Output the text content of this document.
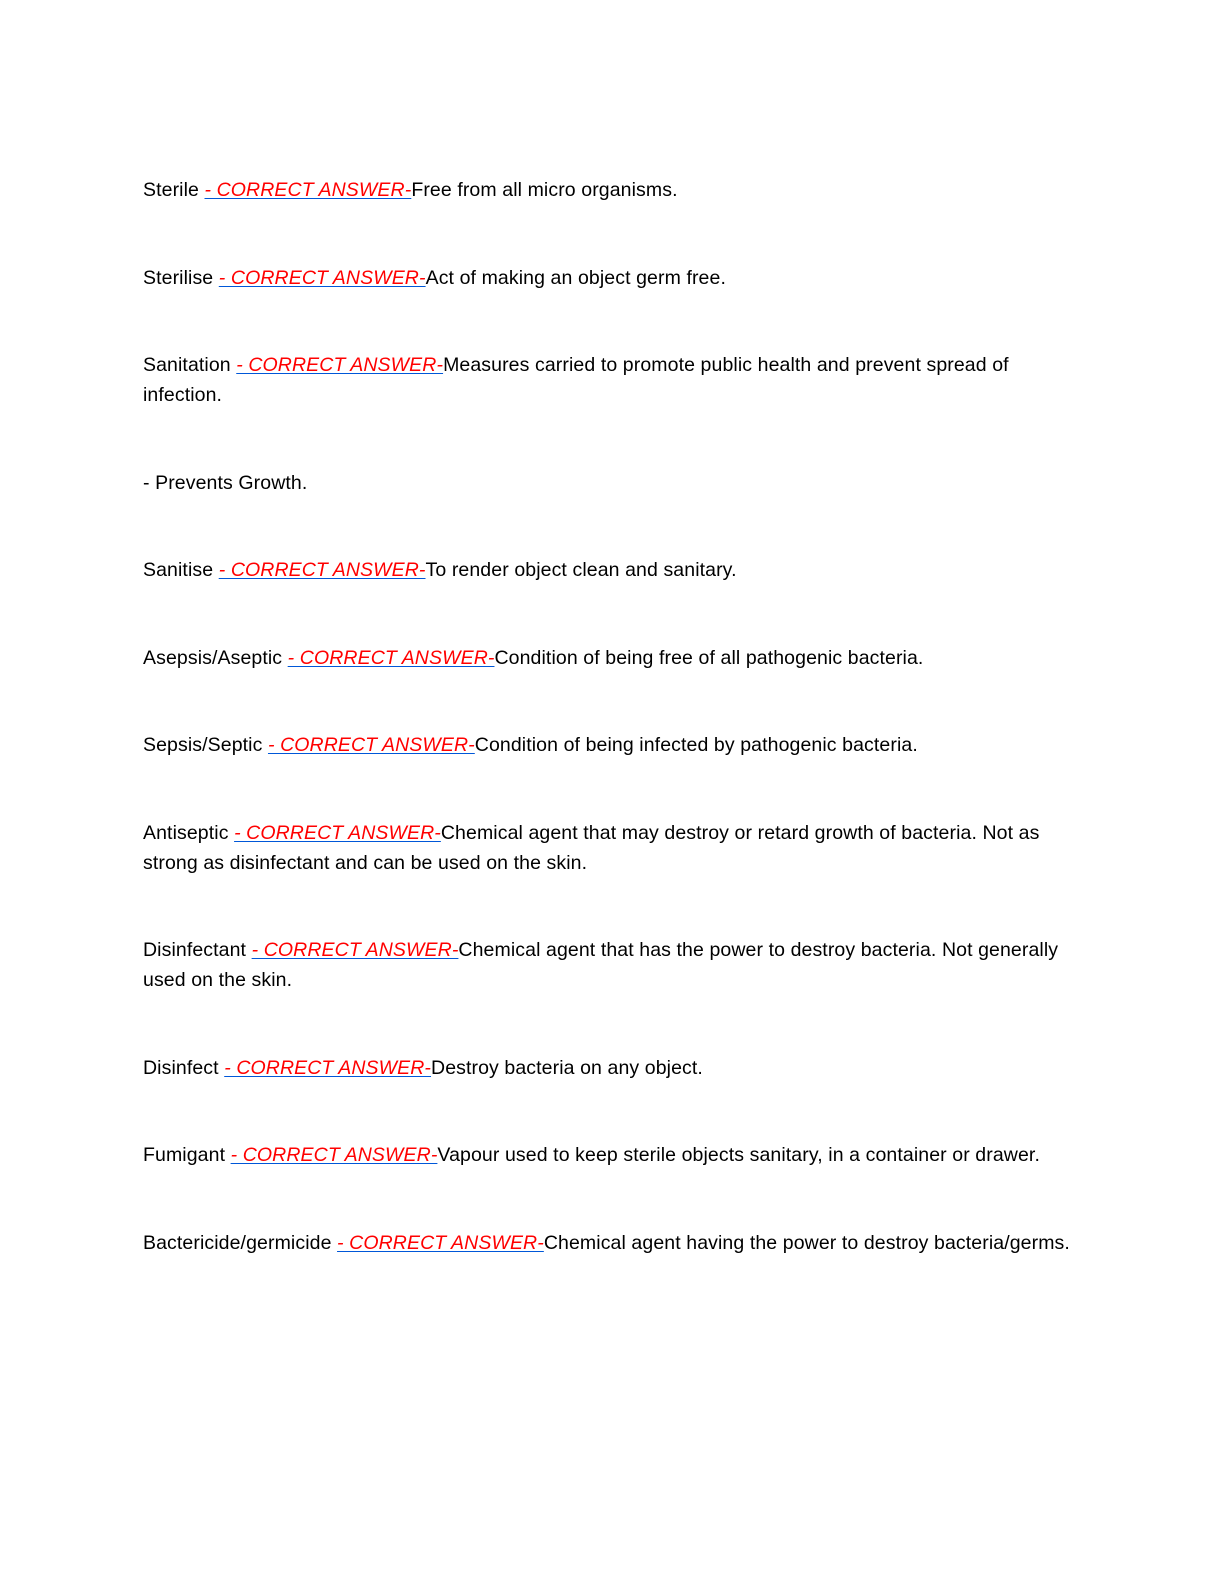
Sterile - CORRECT ANSWER-Free from all micro organisms.

Sterilise - CORRECT ANSWER-Act of making an object germ free.

Sanitation - CORRECT ANSWER-Measures carried to promote public health and prevent spread of infection.

- Prevents Growth.

Sanitise - CORRECT ANSWER-To render object clean and sanitary.

Asepsis/Aseptic - CORRECT ANSWER-Condition of being free of all pathogenic bacteria.

Sepsis/Septic - CORRECT ANSWER-Condition of being infected by pathogenic bacteria.

Antiseptic - CORRECT ANSWER-Chemical agent that may destroy or retard growth of bacteria. Not as strong as disinfectant and can be used on the skin.

Disinfectant - CORRECT ANSWER-Chemical agent that has the power to destroy bacteria. Not generally used on the skin.

Disinfect - CORRECT ANSWER-Destroy bacteria on any object.

Fumigant - CORRECT ANSWER-Vapour used to keep sterile objects sanitary, in a container or drawer.

Bactericide/germicide - CORRECT ANSWER-Chemical agent having the power to destroy bacteria/germs.
